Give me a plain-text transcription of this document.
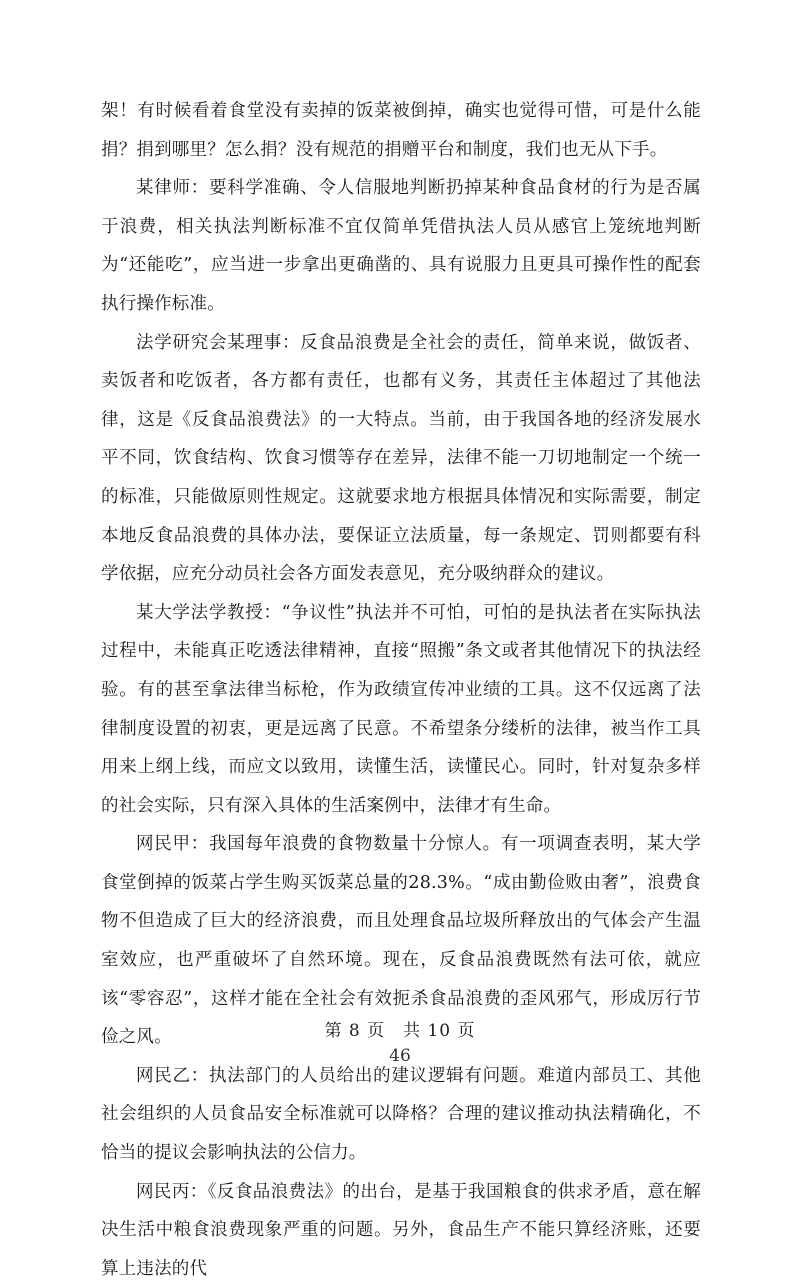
架！有时候看着食堂没有卖掉的饭菜被倒掉，确实也觉得可惜，可是什么能捐？捐到哪里？怎么捐？没有规范的捐赠平台和制度，我们也无从下手。

某律师：要科学准确、令人信服地判断扔掉某种食品食材的行为是否属于浪费，相关执法判断标准不宜仅简单凭借执法人员从感官上笼统地判断为“还能吃”，应当进一步拿出更确凿的、具有说服力且更具可操作性的配套执行操作标准。

法学研究会某理事：反食品浪费是全社会的责任，简单来说，做饭者、卖饭者和吃饭者，各方都有责任，也都有义务，其责任主体超过了其他法律，这是《反食品浪费法》的一大特点。当前，由于我国各地的经济发展水平不同，饮食结构、饮食习惯等存在差异，法律不能一刀切地制定一个统一的标准，只能做原则性规定。这就要求地方根据具体情况和实际需要，制定本地反食品浪费的具体办法，要保证立法质量，每一条规定、罚则都要有科学依据，应充分动员社会各方面发表意见，充分吸纳群众的建议。

某大学法学教授：“争议性”执法并不可怕，可怕的是执法者在实际执法过程中，未能真正吃透法律精神，直接“照搬”条文或者其他情况下的执法经验。有的甚至拿法律当标枪，作为政绩宣传冲业绩的工具。这不仅远离了法律制度设置的初衷，更是远离了民意。不希望条分缕析的法律，被当作工具用来上纲上线，而应文以致用，读懂生活，读懂民心。同时，针对复杂多样的社会实际，只有深入具体的生活案例中，法律才有生命。

网民甲：我国每年浪费的食物数量十分惊人。有一项调查表明，某大学食堂倒掉的饭菜占学生购买饭菜总量的28.3%。“成由勤俭败由奢”，浪费食物不但造成了巨大的经济浪费，而且处理食品垃圾所释放出的气体会产生温室效应，也严重破坏了自然环境。现在，反食品浪费既然有法可依，就应该“零容忍”，这样才能在全社会有效扼杀食品浪费的歪风邪气，形成厉行节俭之风。

网民乙：执法部门的人员给出的建议逻辑有问题。难道内部员工、其他社会组织的人员食品安全标准就可以降格？合理的建议推动执法精确化，不恰当的提议会影响执法的公信力。

网民丙：《反食品浪费法》的出台，是基于我国粮食的供求矛盾，意在解决生活中粮食浪费现象严重的问题。另外，食品生产不能只算经济账，还要算上违法的代

第 8 页　共 10 页
46
